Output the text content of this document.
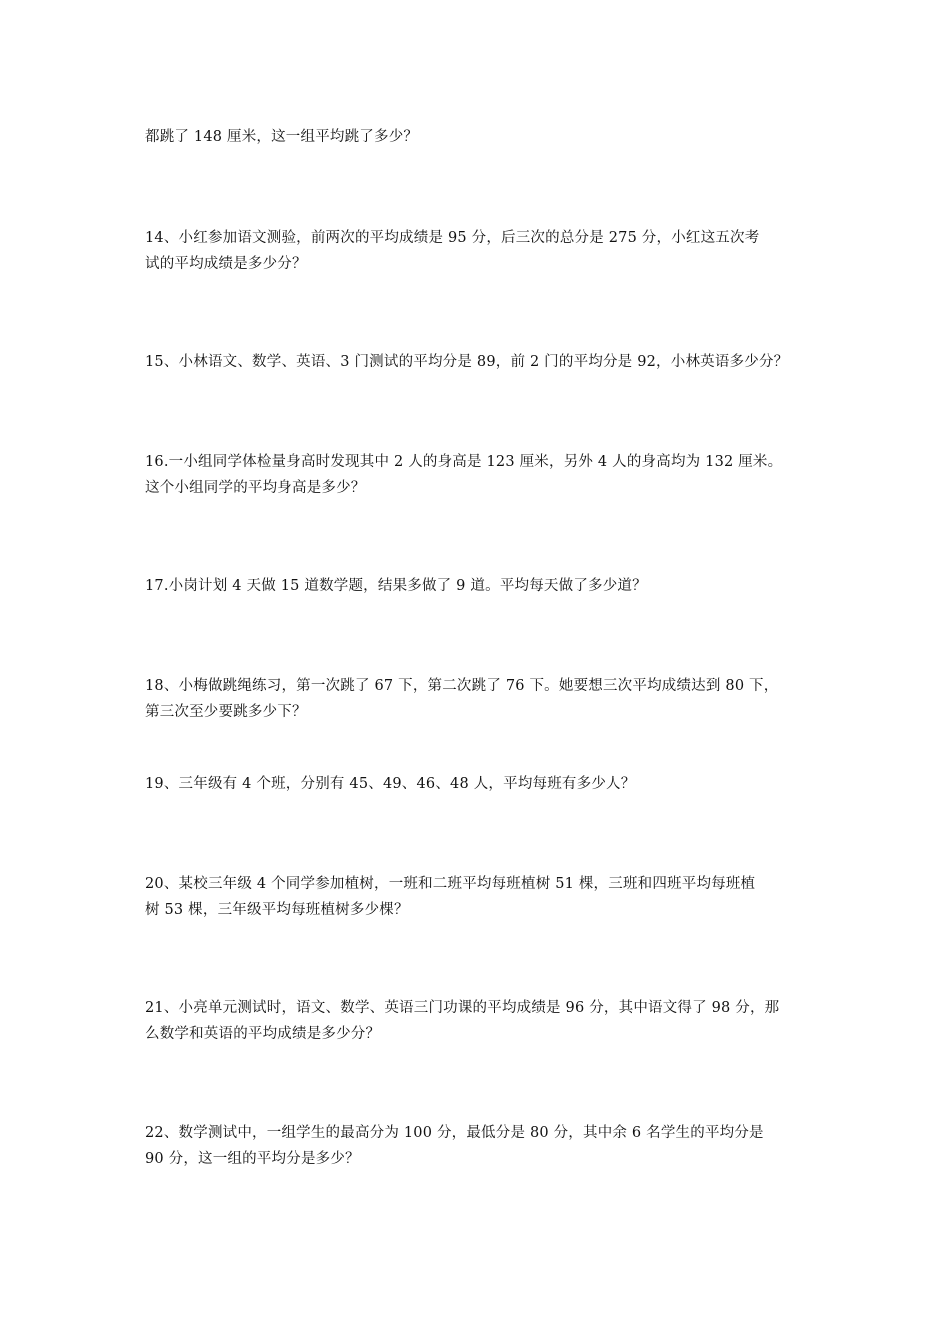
都跳了 148 厘米，这一组平均跳了多少？
14、小红参加语文测验，前两次的平均成绩是 95 分，后三次的总分是 275 分，小红这五次考
试的平均成绩是多少分？
15、小林语文、数学、英语、3 门测试的平均分是 89，前 2 门的平均分是 92，小林英语多少分？
16.一小组同学体检量身高时发现其中 2 人的身高是 123 厘米，另外 4 人的身高均为 132 厘米。
这个小组同学的平均身高是多少？
17.小岗计划 4 天做 15 道数学题，结果多做了 9 道。平均每天做了多少道？
18、小梅做跳绳练习，第一次跳了 67 下，第二次跳了 76 下。她要想三次平均成绩达到 80 下，
第三次至少要跳多少下？
19、三年级有 4 个班，分别有 45、49、46、48 人，平均每班有多少人？
20、某校三年级 4 个同学参加植树，一班和二班平均每班植树 51 棵，三班和四班平均每班植
树 53 棵，三年级平均每班植树多少棵？
21、小亮单元测试时，语文、数学、英语三门功课的平均成绩是 96 分，其中语文得了 98 分，那
么数学和英语的平均成绩是多少分？
22、数学测试中，一组学生的最高分为 100 分，最低分是 80 分，其中余 6 名学生的平均分是
90 分，这一组的平均分是多少？
